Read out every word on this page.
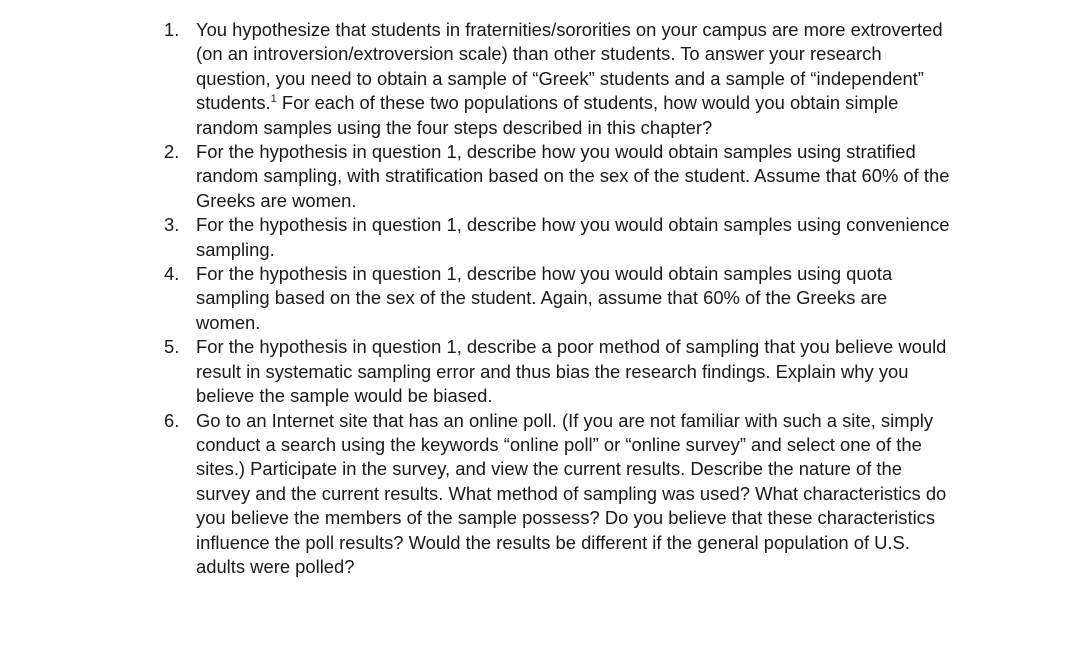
1. You hypothesize that students in fraternities/sororities on your campus are more extroverted (on an introversion/extroversion scale) than other students. To answer your research question, you need to obtain a sample of “Greek” students and a sample of “independent” students.$^1$ For each of these two populations of students, how would you obtain simple random samples using the four steps described in this chapter?
2. For the hypothesis in question 1, describe how you would obtain samples using stratified random sampling, with stratification based on the sex of the student. Assume that 60% of the Greeks are women.
3. For the hypothesis in question 1, describe how you would obtain samples using convenience sampling.
4. For the hypothesis in question 1, describe how you would obtain samples using quota sampling based on the sex of the student. Again, assume that 60% of the Greeks are women.
5. For the hypothesis in question 1, describe a poor method of sampling that you believe would result in systematic sampling error and thus bias the research findings. Explain why you believe the sample would be biased.
6. Go to an Internet site that has an online poll. (If you are not familiar with such a site, simply conduct a search using the keywords “online poll” or “online survey” and select one of the sites.) Participate in the survey, and view the current results. Describe the nature of the survey and the current results. What method of sampling was used? What characteristics do you believe the members of the sample possess? Do you believe that these characteristics influence the poll results? Would the results be different if the general population of U.S. adults were polled?
